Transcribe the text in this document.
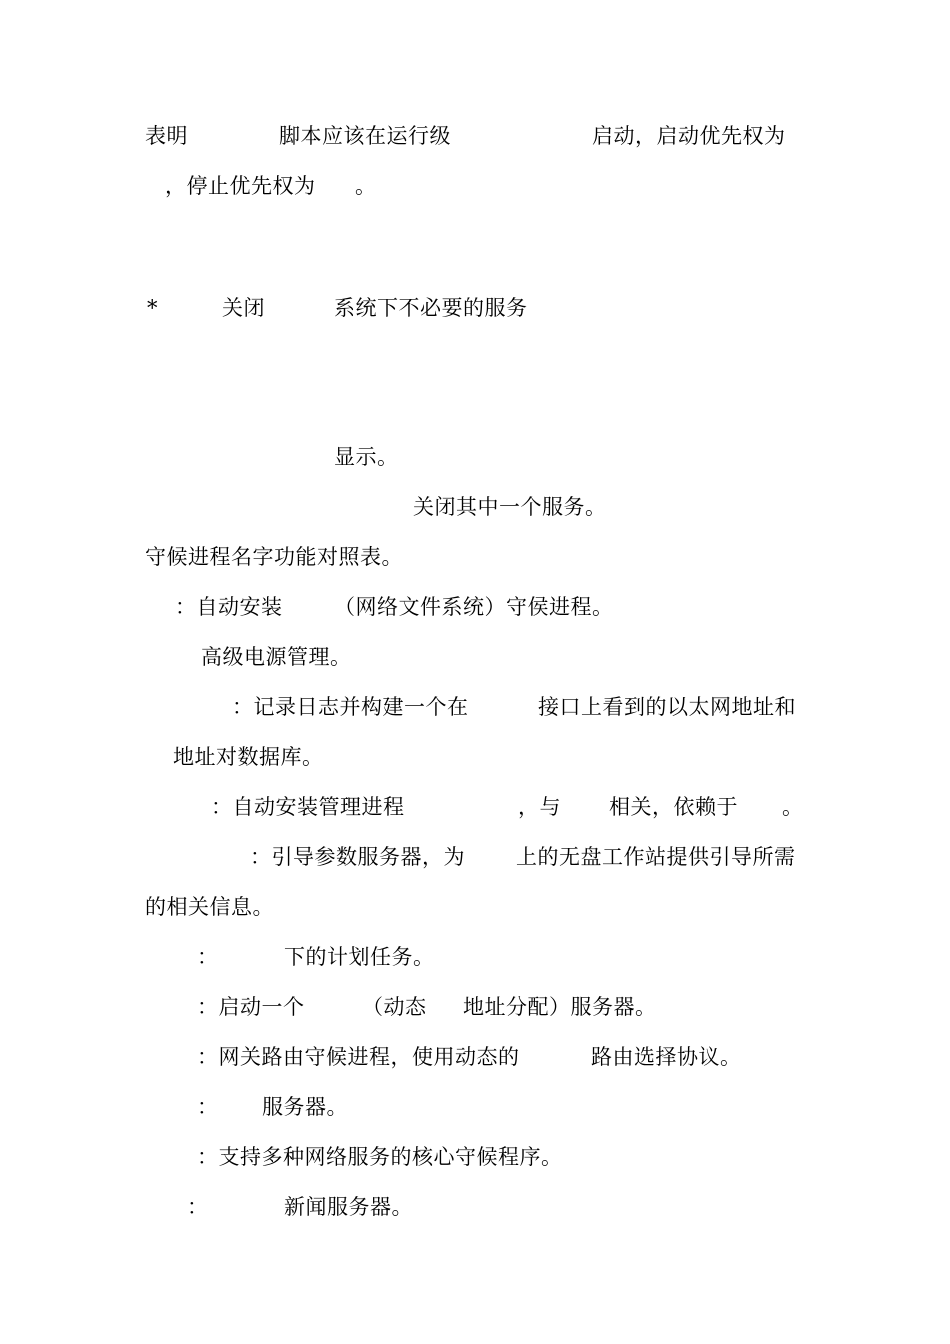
表明	脚本应该在运行级	启动，启动优先权为
，停止优先权为 。
*	关闭	系统下不必要的服务
显示。
关闭其中一个服务。
守候进程名字功能对照表。
：自动安装 （网络文件系统）守侯进程。
高级电源管理。
：记录日志并构建一个在	接口上看到的以太网地址和
地址对数据库。
：自动安装管理进程	，与 相关，依赖于 。
：引导参数服务器，为 上的无盘工作站提供引导所需
的相关信息。
：	下的计划任务。
：启动一个	（动态 地址分配）服务器。
：网关路由守候进程，使用动态的	路由选择协议。
： 服务器。
：支持多种网络服务的核心守候程序。
：	新闻服务器。
